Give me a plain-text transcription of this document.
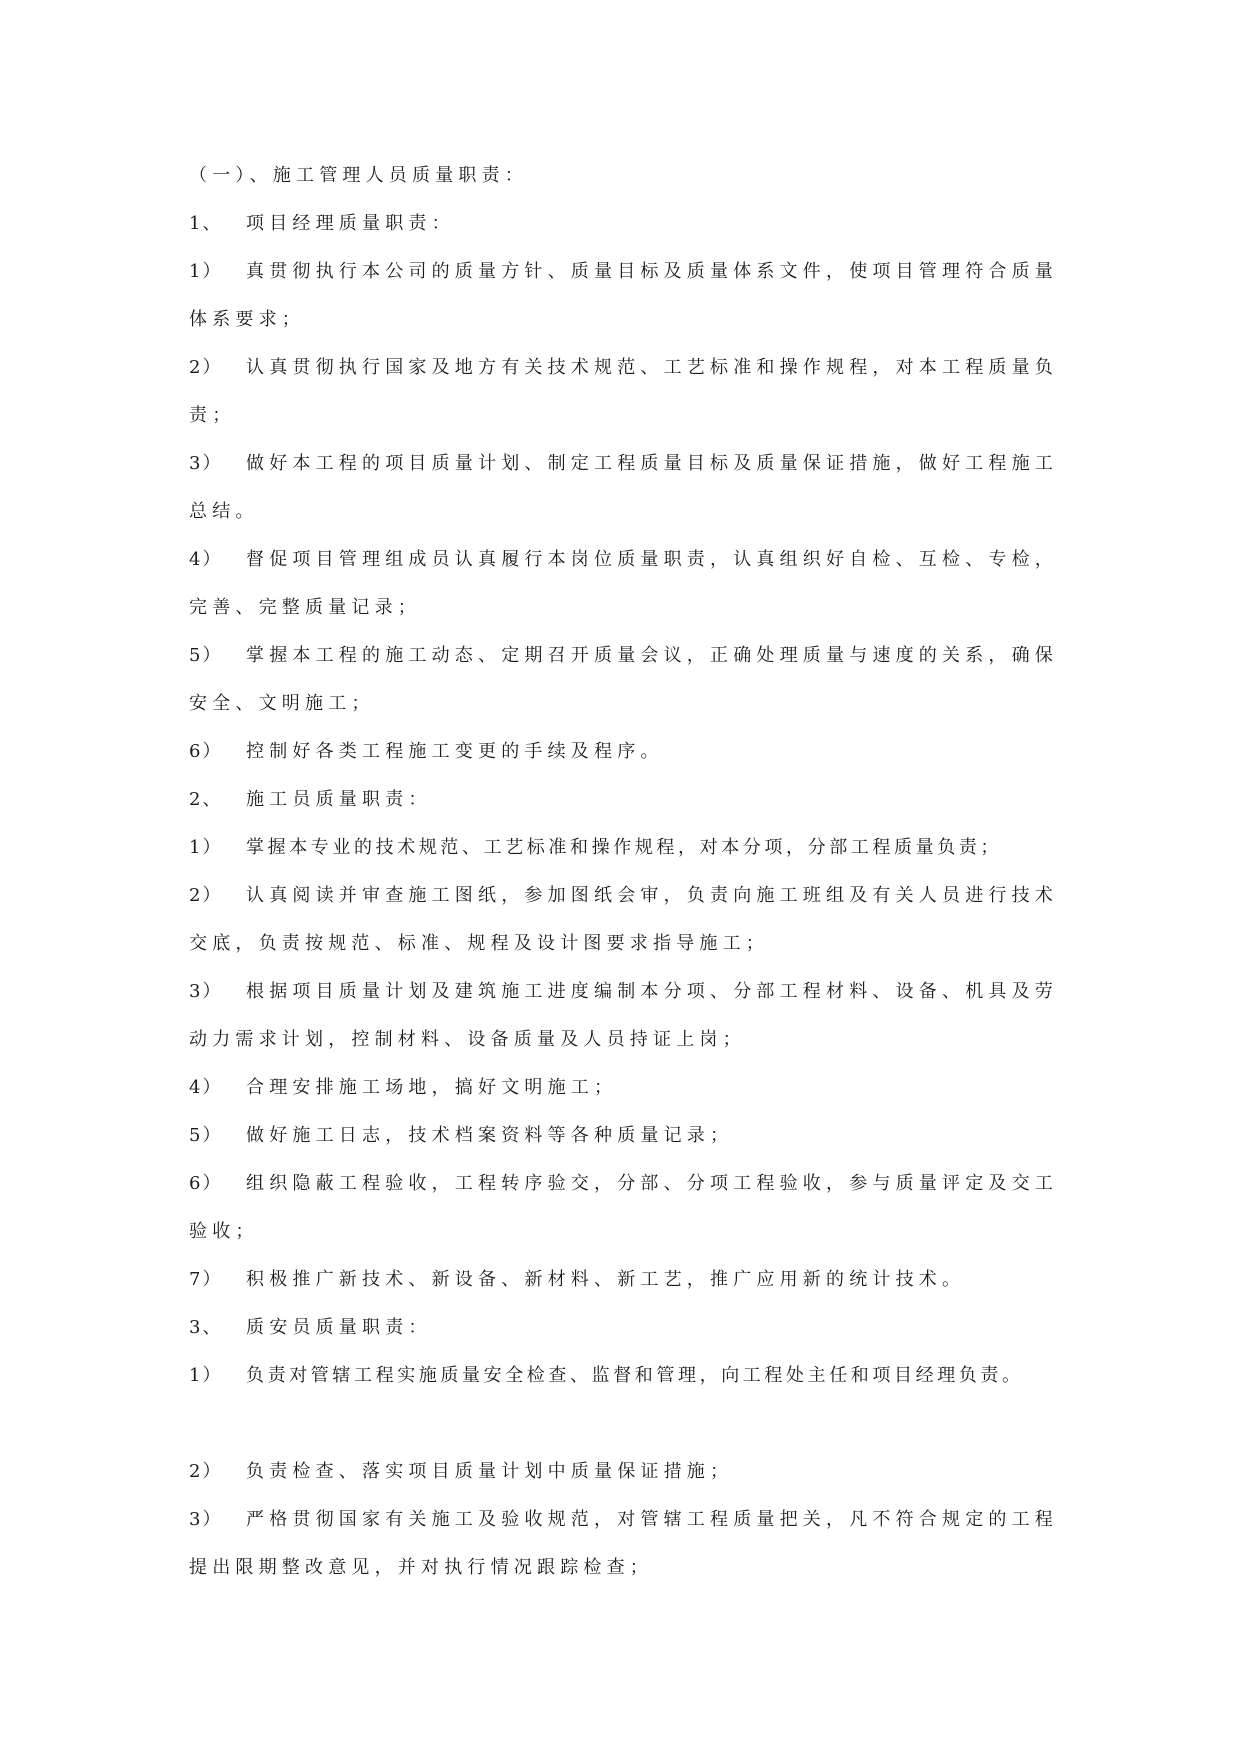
（一）、施工管理人员质量职责：
1、 项目经理质量职责：
1） 真贯彻执行本公司的质量方针、质量目标及质量体系文件，使项目管理符合质量
体系要求；
2） 认真贯彻执行国家及地方有关技术规范、工艺标准和操作规程，对本工程质量负
责；
3） 做好本工程的项目质量计划、制定工程质量目标及质量保证措施，做好工程施工
总结。
4） 督促项目管理组成员认真履行本岗位质量职责，认真组织好自检、互检、专检，
完善、完整质量记录；
5） 掌握本工程的施工动态、定期召开质量会议，正确处理质量与速度的关系，确保
安全、文明施工；
6） 控制好各类工程施工变更的手续及程序。
2、 施工员质量职责：
1） 掌握本专业的技术规范、工艺标准和操作规程，对本分项，分部工程质量负责；
2） 认真阅读并审查施工图纸，参加图纸会审，负责向施工班组及有关人员进行技术
交底，负责按规范、标准、规程及设计图要求指导施工；
3） 根据项目质量计划及建筑施工进度编制本分项、分部工程材料、设备、机具及劳
动力需求计划，控制材料、设备质量及人员持证上岗；
4） 合理安排施工场地，搞好文明施工；
5） 做好施工日志，技术档案资料等各种质量记录；
6） 组织隐蔽工程验收，工程转序验交，分部、分项工程验收，参与质量评定及交工
验收；
7） 积极推广新技术、新设备、新材料、新工艺，推广应用新的统计技术。
3、 质安员质量职责：
1） 负责对管辖工程实施质量安全检查、监督和管理，向工程处主任和项目经理负责。
2） 负责检查、落实项目质量计划中质量保证措施；
3） 严格贯彻国家有关施工及验收规范，对管辖工程质量把关，凡不符合规定的工程
提出限期整改意见，并对执行情况跟踪检查；
